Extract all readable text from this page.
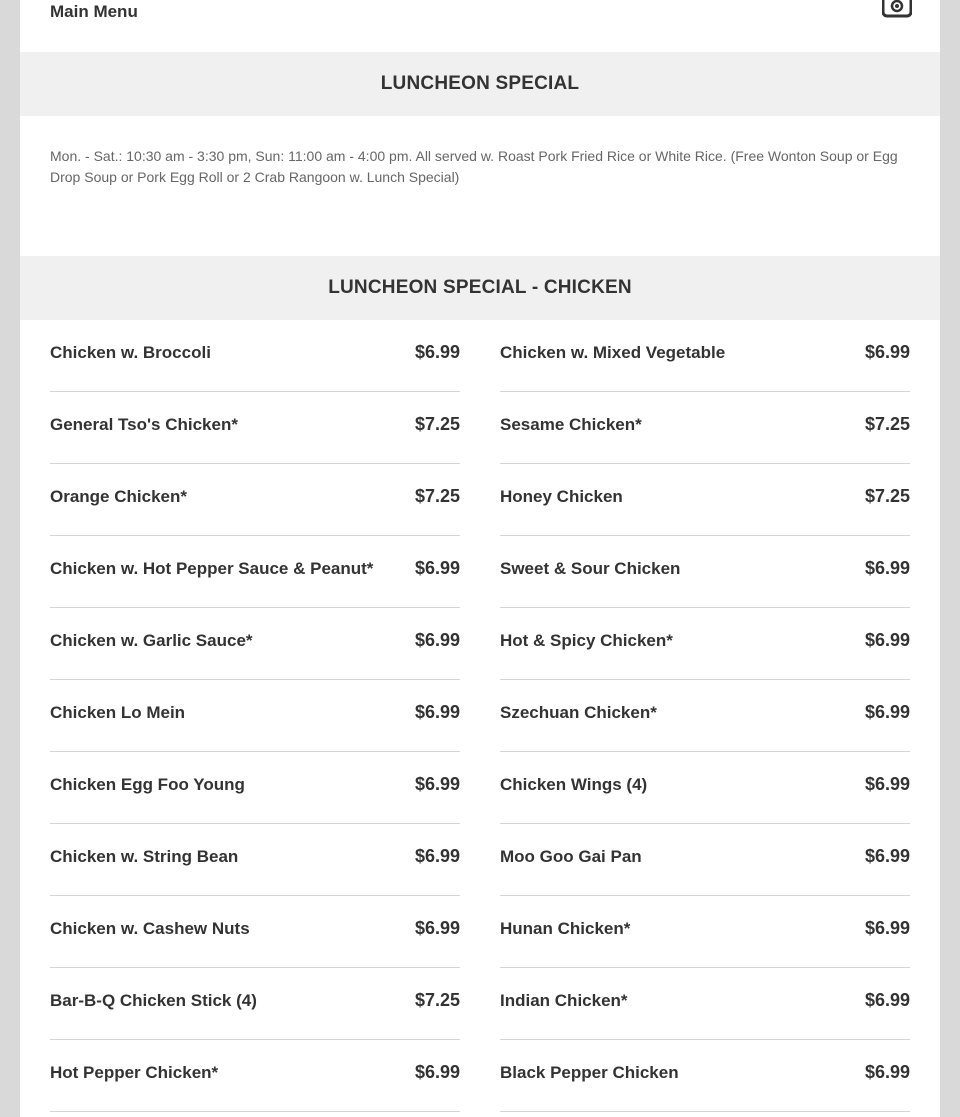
Main Menu
LUNCHEON SPECIAL
Mon. - Sat.: 10:30 am - 3:30 pm, Sun: 11:00 am - 4:00 pm. All served w. Roast Pork Fried Rice or White Rice. (Free Wonton Soup or Egg Drop Soup or Pork Egg Roll or 2 Crab Rangoon w. Lunch Special)
LUNCHEON SPECIAL - CHICKEN
Chicken w. Broccoli	$6.99 Chicken w. Mixed Vegetable	$6.99
General Tso's Chicken*	$7.25 Sesame Chicken*	$7.25
Orange Chicken*	$7.25 Honey Chicken	$7.25
Chicken w. Hot Pepper Sauce & Peanut* $6.99 Sweet & Sour Chicken	$6.99
Chicken w. Garlic Sauce*	$6.99 Hot & Spicy Chicken*	$6.99
Chicken Lo Mein	$6.99 Szechuan Chicken*	$6.99
Chicken Egg Foo Young	$6.99 Chicken Wings (4)	$6.99
Chicken w. String Bean	$6.99 Moo Goo Gai Pan	$6.99
Chicken w. Cashew Nuts	$6.99 Hunan Chicken*	$6.99
Bar-B-Q Chicken Stick (4)	$7.25 Indian Chicken*	$6.99
Hot Pepper Chicken*	$6.99 Black Pepper Chicken	$6.99
